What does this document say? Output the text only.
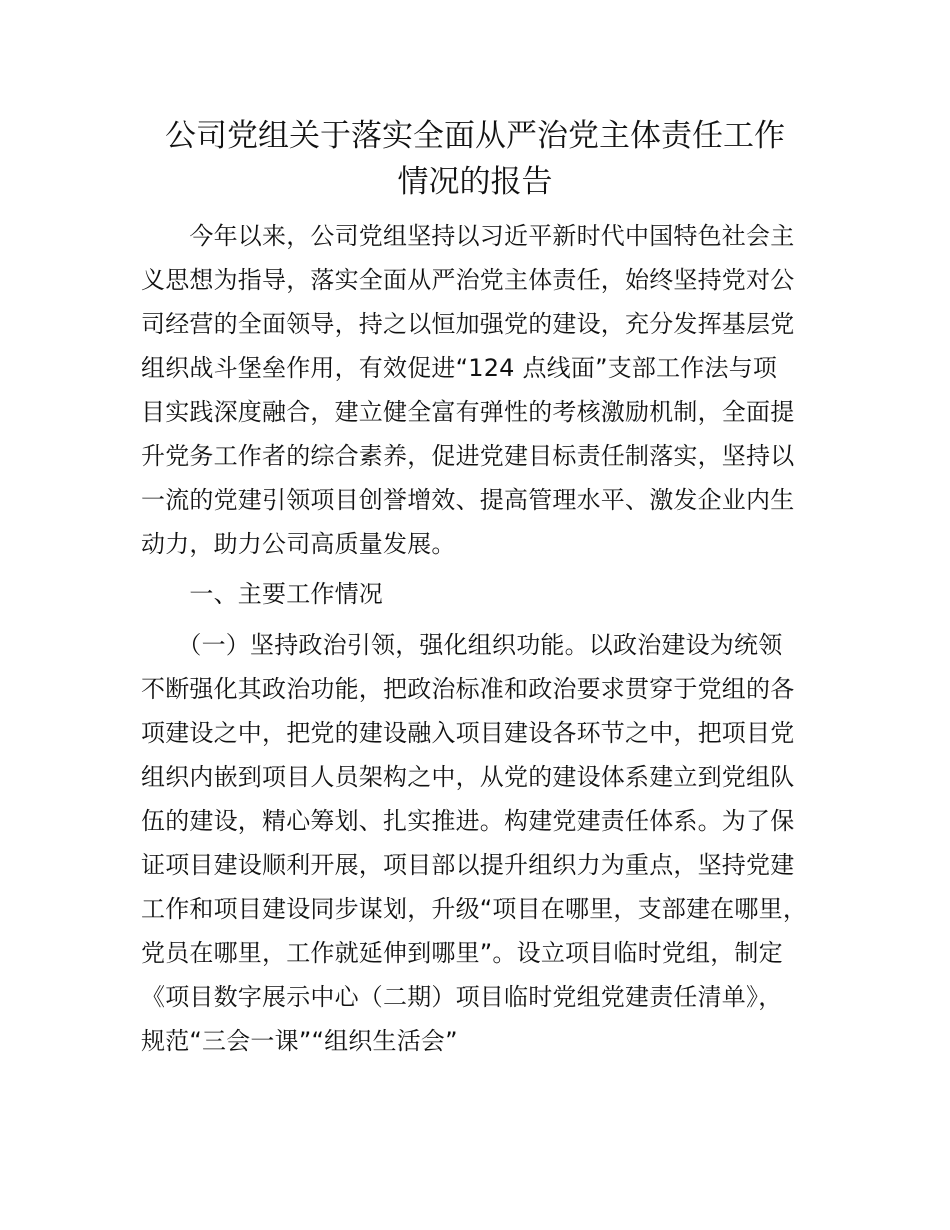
公司党组关于落实全面从严治党主体责任工作
情况的报告
　　今年以来，公司党组坚持以习近平新时代中国特色社会主
义思想为指导，落实全面从严治党主体责任，始终坚持党对公
司经营的全面领导，持之以恒加强党的建设，充分发挥基层党
组织战斗堡垒作用，有效促进“124 点线面”支部工作法与项
目实践深度融合，建立健全富有弹性的考核激励机制，全面提
升党务工作者的综合素养，促进党建目标责任制落实，坚持以
一流的党建引领项目创誉增效、提高管理水平、激发企业内生
动力，助力公司高质量发展。
　　一、主要工作情况
　　（一）坚持政治引领，强化组织功能。以政治建设为统领
不断强化其政治功能，把政治标准和政治要求贯穿于党组的各
项建设之中，把党的建设融入项目建设各环节之中，把项目党
组织内嵌到项目人员架构之中，从党的建设体系建立到党组队
伍的建设，精心筹划、扎实推进。构建党建责任体系。为了保
证项目建设顺利开展，项目部以提升组织力为重点，坚持党建
工作和项目建设同步谋划，升级“项目在哪里，支部建在哪里，
党员在哪里，工作就延伸到哪里”。设立项目临时党组，制定
《项目数字展示中心（二期）项目临时党组党建责任清单》，
规范“三会一课”“组织生活会”
